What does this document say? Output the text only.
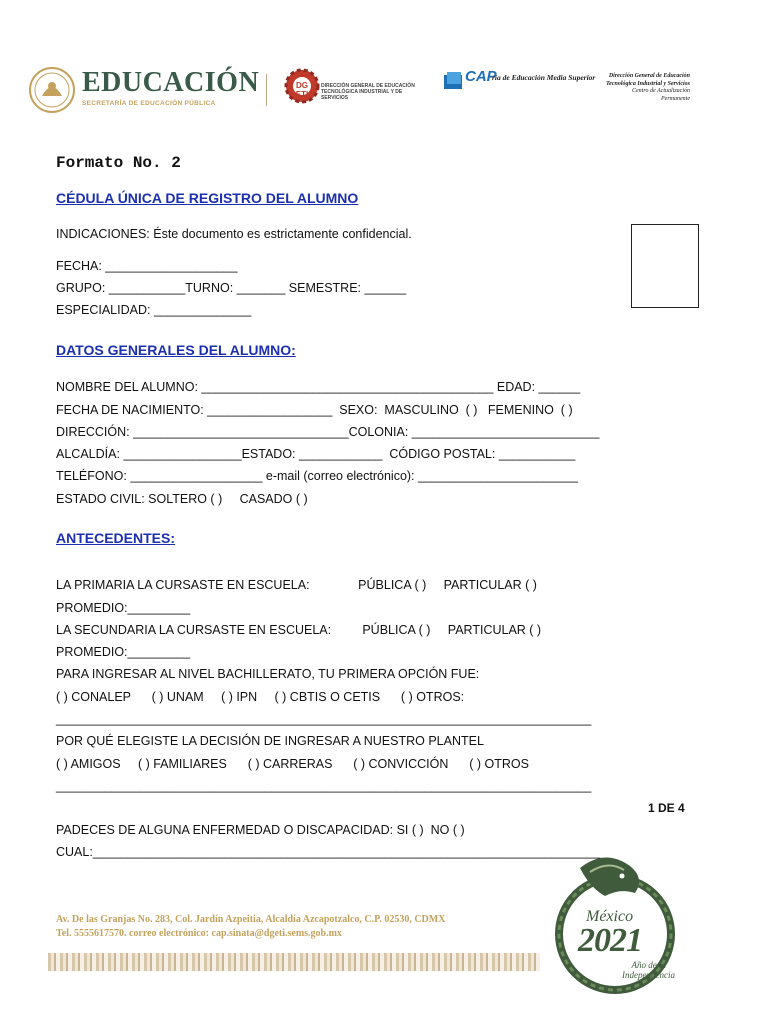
EDUCACIÓN
SECRETARÍA DE EDUCACIÓN PÚBLICA
DG ETI
DIRECCIÓN GENERAL DE EDUCACIÓN TECNOLÓGICA INDUSTRIAL Y DE SERVICIOS
CAP
ría de Educación Media Superior	Dirección General de Educación
Tecnológica Industrial y Servicios
Centro de Actualización Permanente
Formato No. 2
CÉDULA ÚNICA DE REGISTRO DEL ALUMNO
INDICACIONES: Éste documento es estrictamente confidencial.
FECHA: ___________________
GRUPO: ___________TURNO: _______ SEMESTRE: ______
ESPECIALIDAD: ______________
DATOS GENERALES DEL ALUMNO:
NOMBRE DEL ALUMNO: __________________________________________ EDAD: ______
FECHA DE NACIMIENTO: __________________  SEXO:  MASCULINO  ( )   FEMENINO  ( )
DIRECCIÓN: _______________________________COLONIA: ___________________________
ALCALDÍA: _________________ESTADO: ____________  CÓDIGO POSTAL: ___________
TELÉFONO: ___________________ e-mail (correo electrónico): _______________________
ESTADO CIVIL: SOLTERO ( )     CASADO ( )
ANTECEDENTES:
LA PRIMARIA LA CURSASTE EN ESCUELA:              PÚBLICA ( )     PARTICULAR ( )
PROMEDIO:_________
LA SECUNDARIA LA CURSASTE EN ESCUELA:         PÚBLICA ( )     PARTICULAR ( )
PROMEDIO:_________
PARA INGRESAR AL NIVEL BACHILLERATO, TU PRIMERA OPCIÓN FUE:
( ) CONALEP      ( ) UNAM     ( ) IPN     ( ) CBTIS O CETIS      ( ) OTROS:
_____________________________________________________________________________
POR QUÉ ELEGISTE LA DECISIÓN DE INGRESAR A NUESTRO PLANTEL
( ) AMIGOS     ( ) FAMILIARES      ( ) CARRERAS      ( ) CONVICCIÓN      ( ) OTROS
_____________________________________________________________________________
1 DE 4
PADECES DE ALGUNA ENFERMEDAD O DISCAPACIDAD: SI ( )  NO ( )
CUAL:_________________________________________________________________________
Av. De las Granjas No. 283, Col. Jardín Azpeitia, Alcaldía Azcapotzalco, C.P. 02530, CDMX
Tel. 5555617570. correo electrónico: cap.sinata@dgeti.sems.gob.mx
México
2021
Año de la
Independencia
